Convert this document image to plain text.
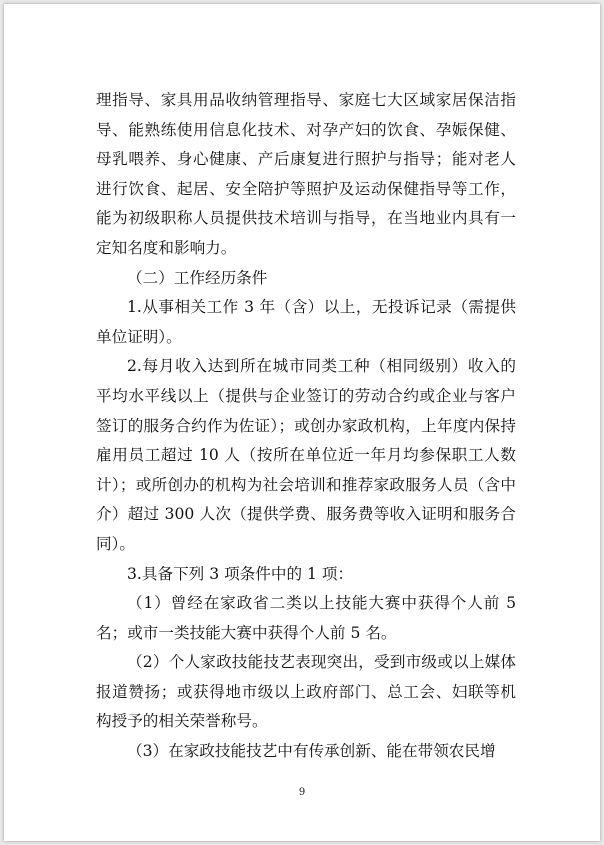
理指导、家具用品收纳管理指导、家庭七大区域家居保洁指导、能熟练使用信息化技术、对孕产妇的饮食、孕娠保健、母乳喂养、身心健康、产后康复进行照护与指导；能对老人进行饮食、起居、安全陪护等照护及运动保健指导等工作，能为初级职称人员提供技术培训与指导，在当地业内具有一定知名度和影响力。

（二）工作经历条件

1.从事相关工作 3 年（含）以上，无投诉记录（需提供单位证明）。

2.每月收入达到所在城市同类工种（相同级别）收入的平均水平线以上（提供与企业签订的劳动合约或企业与客户签订的服务合约作为佐证）；或创办家政机构，上年度内保持雇用员工超过 10 人（按所在单位近一年月均参保职工人数计）；或所创办的机构为社会培训和推荐家政服务人员（含中介）超过 300 人次（提供学费、服务费等收入证明和服务合同）。

3.具备下列 3 项条件中的 1 项：

（1）曾经在家政省二类以上技能大赛中获得个人前 5 名；或市一类技能大赛中获得个人前 5 名。

（2）个人家政技能技艺表现突出，受到市级或以上媒体报道赞扬；或获得地市级以上政府部门、总工会、妇联等机构授予的相关荣誉称号。

（3）在家政技能技艺中有传承创新、能在带领农民增

9
